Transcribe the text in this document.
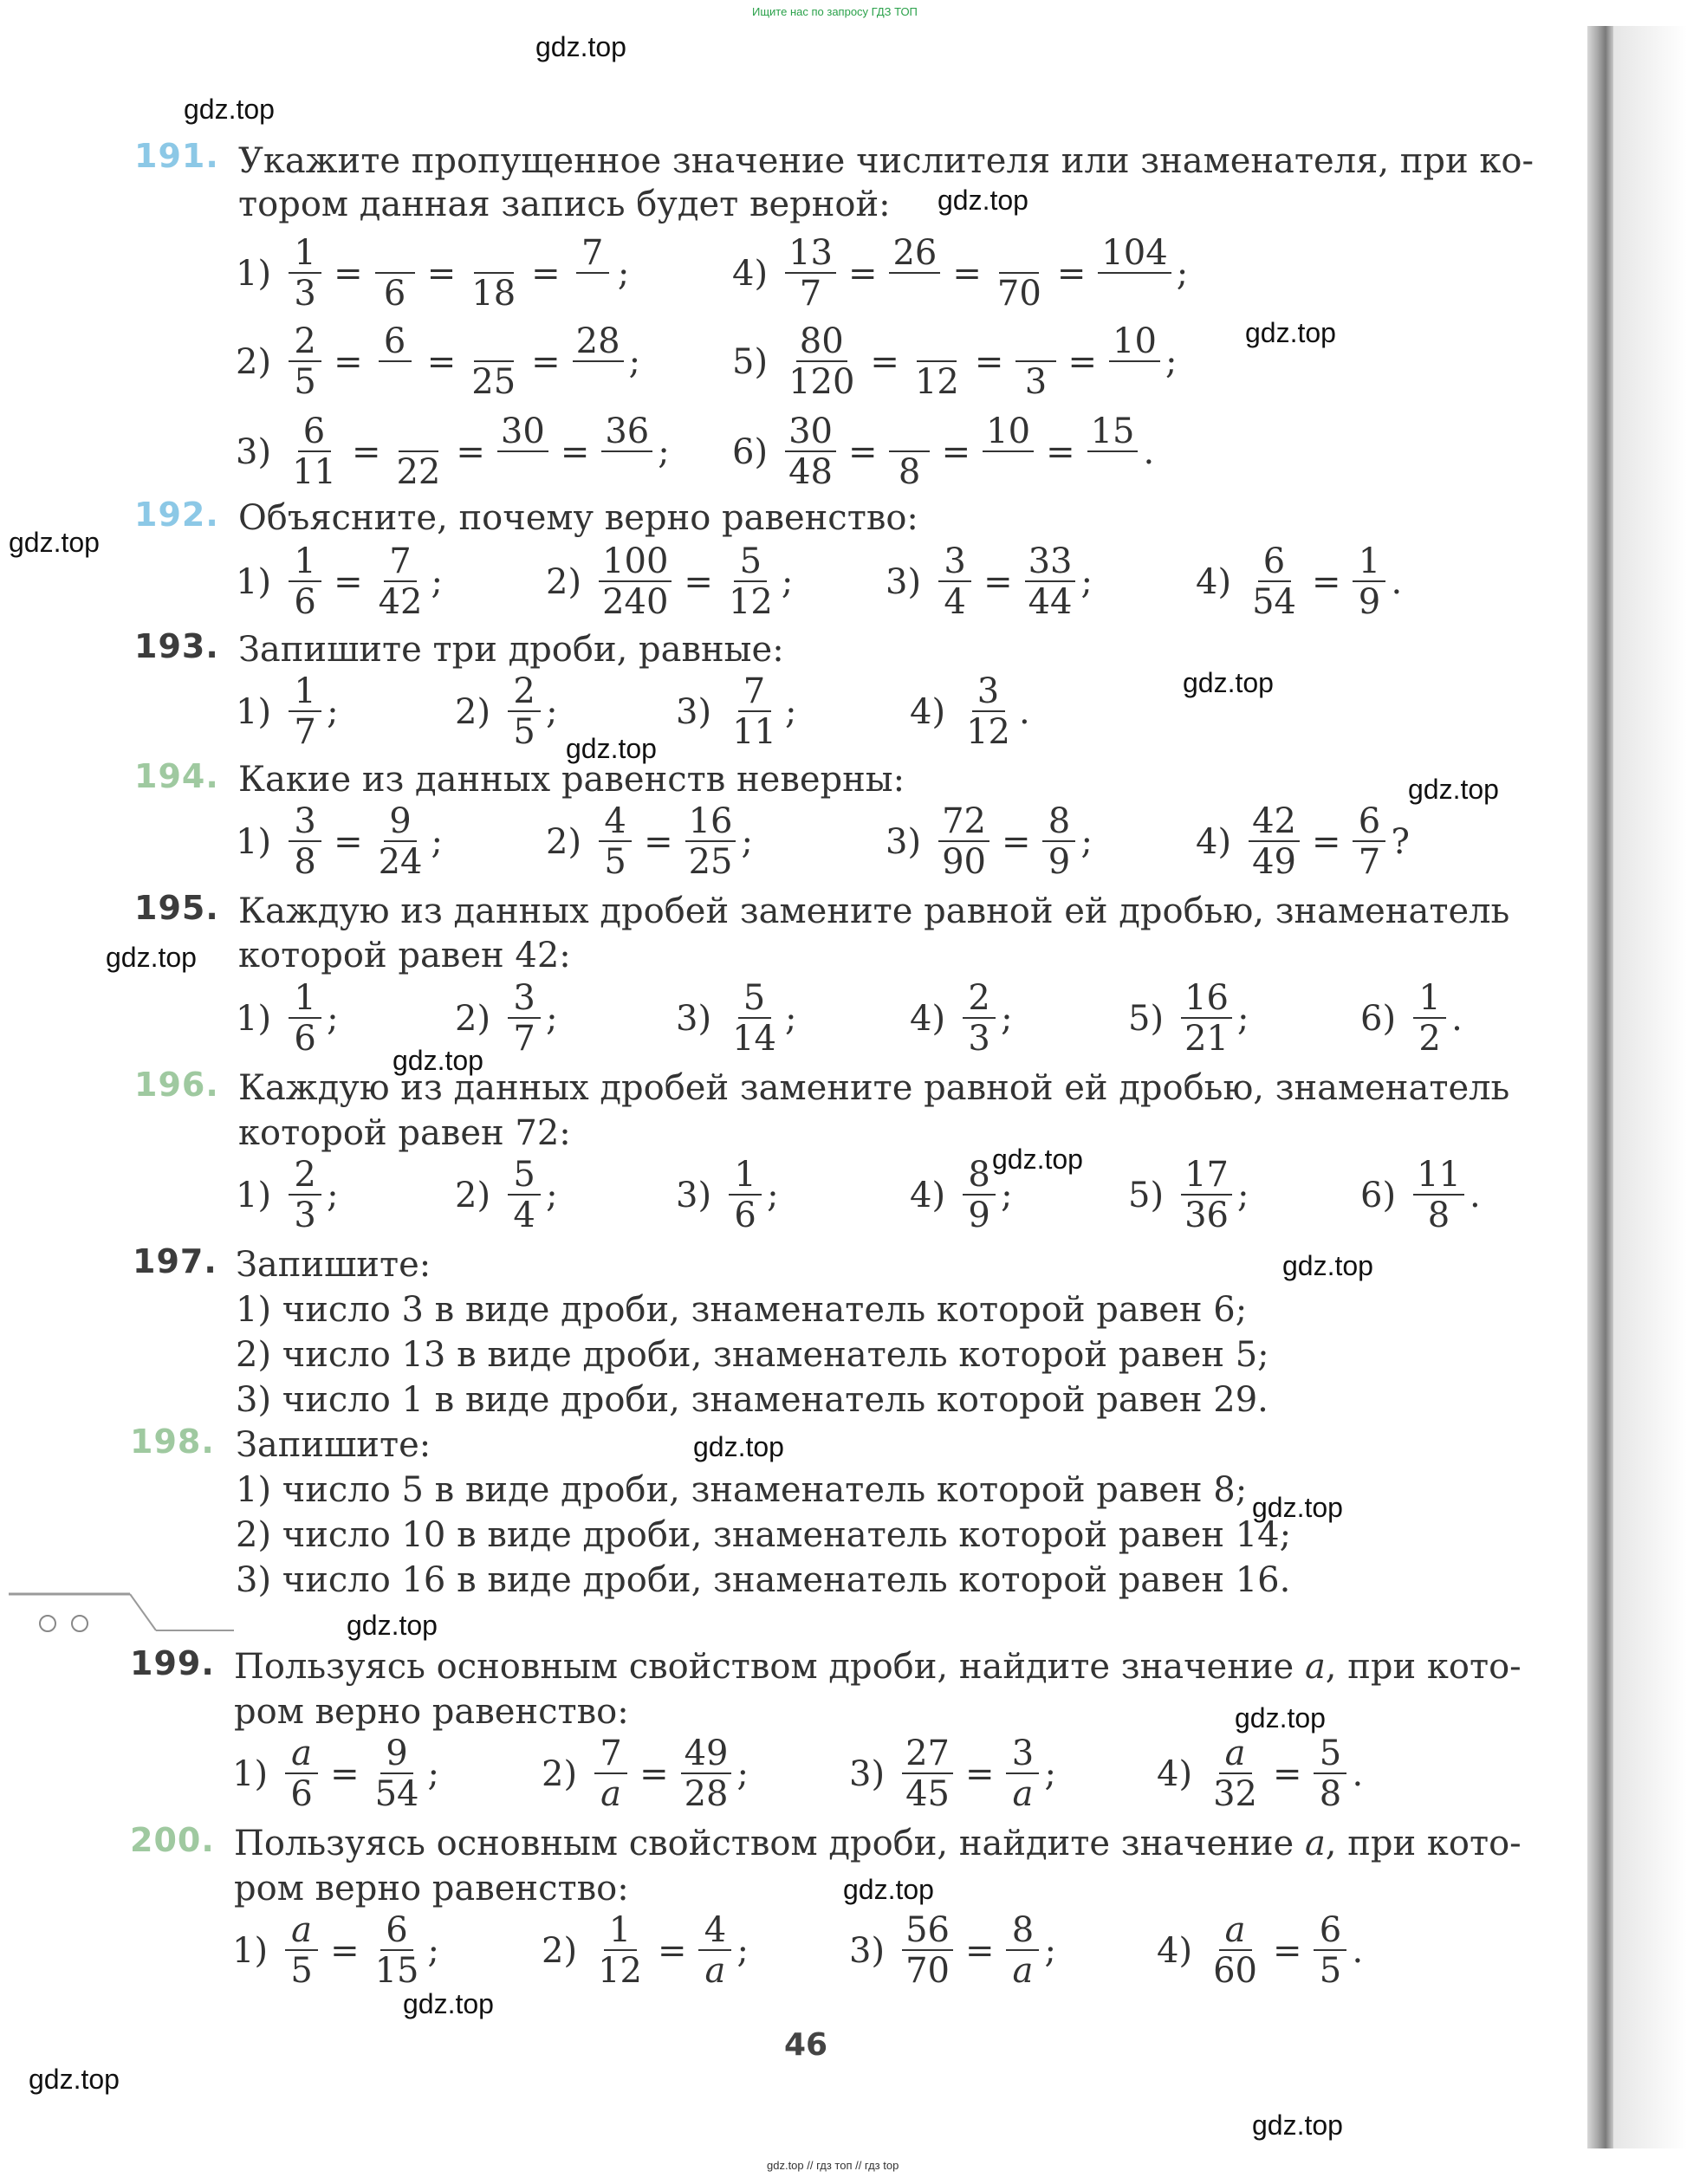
Ищите нас по запросу ГДЗ ТОП
gdz.top
gdz.top
gdz.top
gdz.top
gdz.top
gdz.top
gdz.top
gdz.top
gdz.top
gdz.top
gdz.top
gdz.top
gdz.top
gdz.top
gdz.top
gdz.top
gdz.top
gdz.top
gdz.top
gdz.top
191. Укажите пропущенное значение числителя или знаменателя, при ко-
тором данная запись будет верной:
$1) \frac{1}{3}$ =
6 =
18 =
7

;
$2) \frac{2}{5}$ =
6

=
25 =
28

;
$3) \frac{6}{11}$ =
22 =
30

=
36

;
$4) \frac{13}{7}$ =
26

=
70 =
104

;
$5) \frac{80}{120}$ =
12 =
3 =
10

;
$6) \frac{30}{48}$ =
8 =
10

=
15

.
192. Объясните, почему верно равенство:
$1) \frac{1}{6} = \frac{7}{42}$ ;	$2) \frac{100}{240} = \frac{5}{12}$ ;	$3) \frac{3}{4} = \frac{33}{44}$ ;	$4) \frac{6}{54} = \frac{1}{9}$ .
193. Запишите три дроби, равные:
$1) \frac{1}{7}$ ;	$2) \frac{2}{5}$ ;	$3) \frac{7}{11}$ ;	$4) \frac{3}{12}$ .
194. Какие из данных равенств неверны:
$1) \frac{3}{8} = \frac{9}{24}$ ;	$2) \frac{4}{5} = \frac{16}{25}$ ;	$3) \frac{72}{90} = \frac{8}{9}$ ;	$4) \frac{42}{49} = \frac{6}{7}$ ?
195. Каждую из данных дробей замените равной ей дробью, знаменатель
которой равен 42:
$1) \frac{1}{6}$ ;	$2) \frac{3}{7}$ ;	$3) \frac{5}{14}$ ;	$4) \frac{2}{3}$ ;	$5) \frac{16}{21}$ ;	$6) \frac{1}{2}$ .
196. Каждую из данных дробей замените равной ей дробью, знаменатель
которой равен 72:
$1) \frac{2}{3}$ ;	$2) \frac{5}{4}$ ;	$3) \frac{1}{6}$ ;	$4) \frac{8}{9}$ ;	$5) \frac{17}{36}$ ;	$6) \frac{11}{8}$ .
197. Запишите:
1) число 3 в виде дроби, знаменатель которой равен 6;
2) число 13 в виде дроби, знаменатель которой равен 5;
3) число 1 в виде дроби, знаменатель которой равен 29.
198. Запишите:
1) число 5 в виде дроби, знаменатель которой равен 8;
2) число 10 в виде дроби, знаменатель которой равен 14;
3) число 16 в виде дроби, знаменатель которой равен 16.
199. Пользуясь основным свойством дроби, найдите значение a, при кото-
ром верно равенство:
$1) \frac{a}{6} = \frac{9}{54}$ ;	$2) \frac{7}{a} = \frac{49}{28}$ ;	$3) \frac{27}{45} = \frac{3}{a}$ ;	$4) \frac{a}{32} = \frac{5}{8}$ .
200. Пользуясь основным свойством дроби, найдите значение a, при кото-
ром верно равенство:
$1) \frac{a}{5} = \frac{6}{15}$ ;	$2) \frac{1}{12} = \frac{4}{a}$ ;	$3) \frac{56}{70} = \frac{8}{a}$ ;	$4) \frac{a}{60} = \frac{6}{5}$ .
46
gdz.top // гдз топ // гдз top
